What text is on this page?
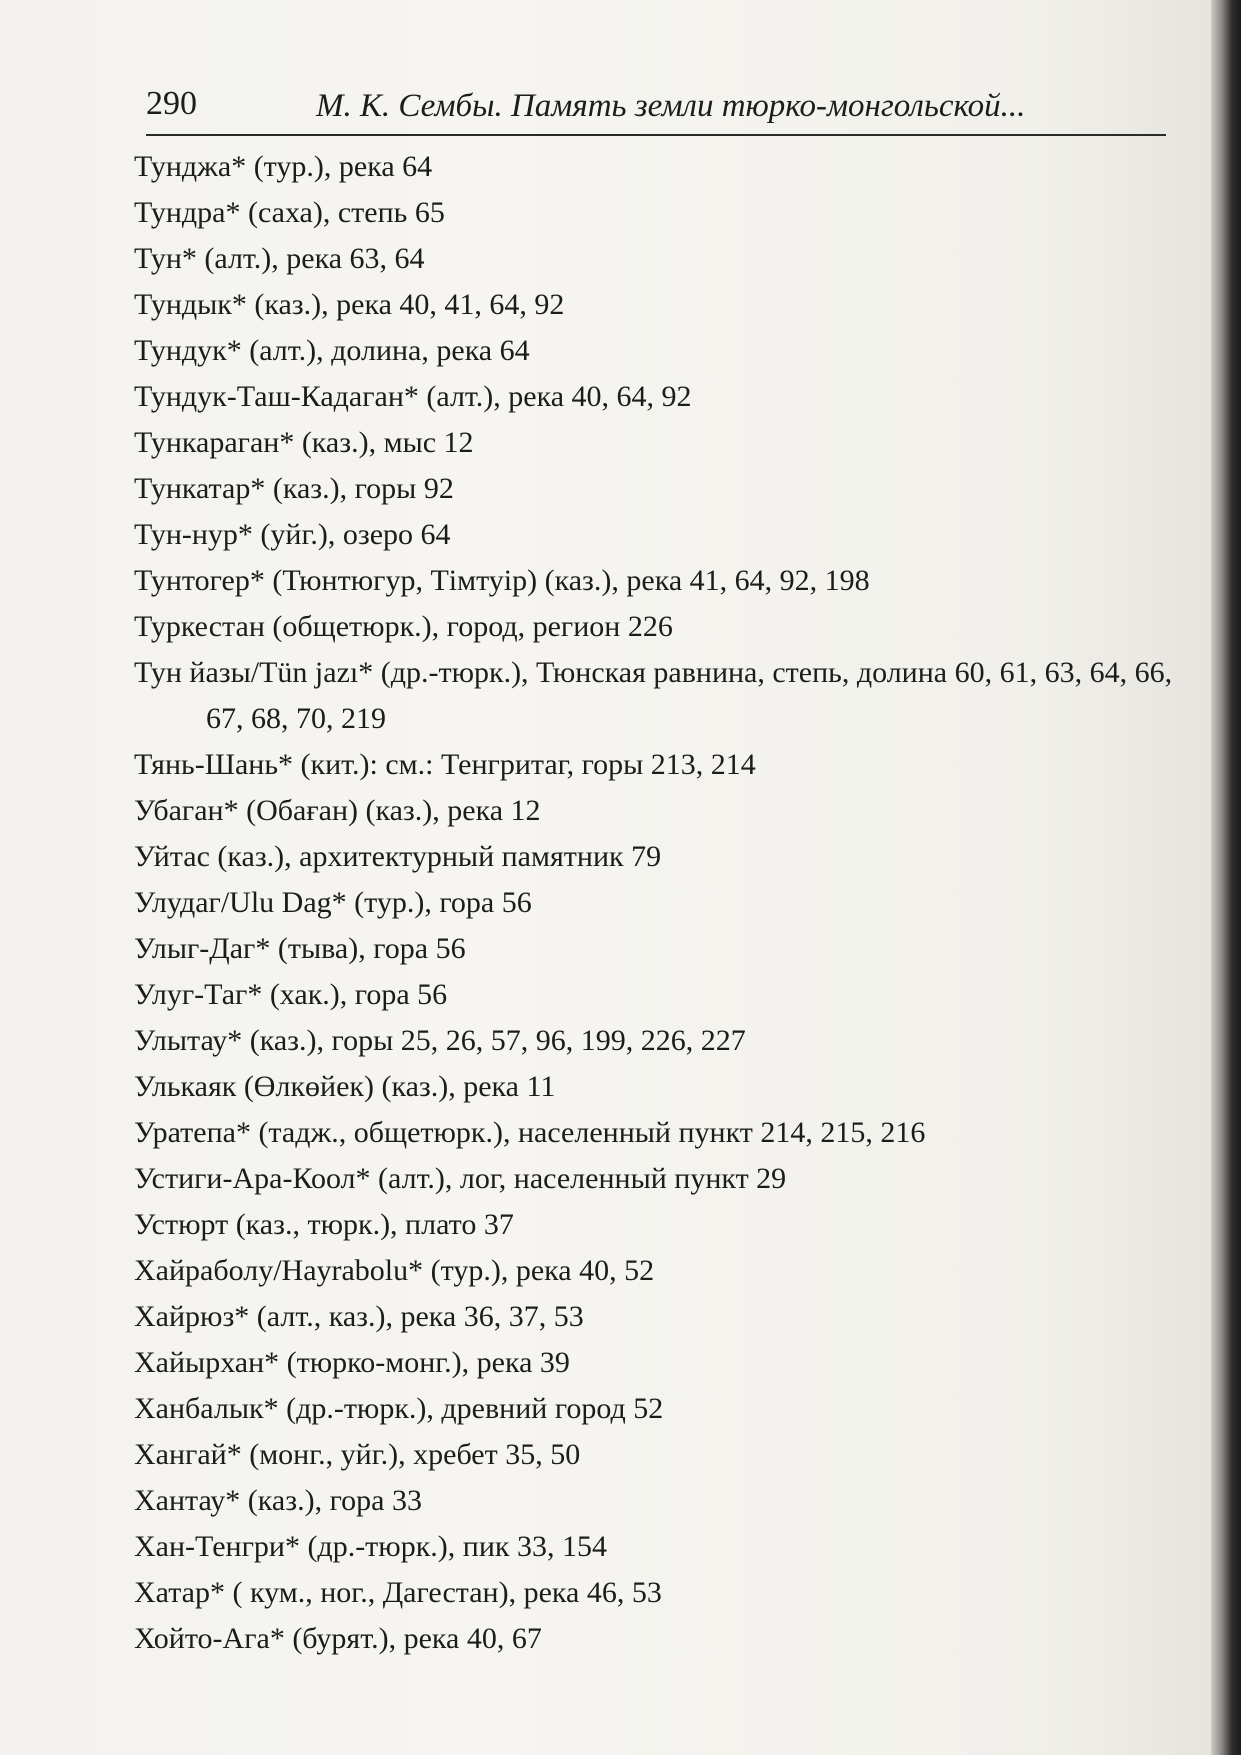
290	М. К. Сембы. Память земли тюрко-монгольской...
Тунджа* (тур.), река 64
Тундра* (саха), степь 65
Тун* (алт.), река 63, 64
Тундык* (каз.), река 40, 41, 64, 92
Тундук* (алт.), долина, река 64
Тундук-Таш-Кадаган* (алт.), река 40, 64, 92
Тункараган* (каз.), мыс 12
Тункатар* (каз.), горы 92
Тун-нур* (уйг.), озеро 64
Тунтогер* (Тюнтюгур, Тімтуір) (каз.), река 41, 64, 92, 198
Туркестан (общетюрк.), город, регион 226
Тун йазы/Tün jazı* (др.-тюрк.), Тюнская равнина, степь, долина 60, 61, 63, 64, 66, 67, 68, 70, 219
Тянь-Шань* (кит.): см.: Тенгритаг, горы 213, 214
Убаган* (Обаған) (каз.), река 12
Уйтас (каз.), архитектурный памятник 79
Улудаг/Ulu Dag* (тур.), гора 56
Улыг-Даг* (тыва), гора 56
Улуг-Таг* (хак.), гора 56
Улытау* (каз.), горы 25, 26, 57, 96, 199, 226, 227
Улькаяк (Өлкөйек) (каз.), река 11
Уратепа* (тадж., общетюрк.), населенный пункт 214, 215, 216
Устиги-Ара-Коол* (алт.), лог, населенный пункт 29
Устюрт (каз., тюрк.), плато 37
Хайраболу/Hayrabolu* (тур.), река 40, 52
Хайрюз* (алт., каз.), река 36, 37, 53
Хайырхан* (тюрко-монг.), река 39
Ханбалык* (др.-тюрк.), древний город 52
Хангай* (монг., уйг.), хребет 35, 50
Хантау* (каз.), гора 33
Хан-Тенгри* (др.-тюрк.), пик 33, 154
Хатар* ( кум., ног., Дагестан), река 46, 53
Хойто-Ага* (бурят.), река 40, 67
